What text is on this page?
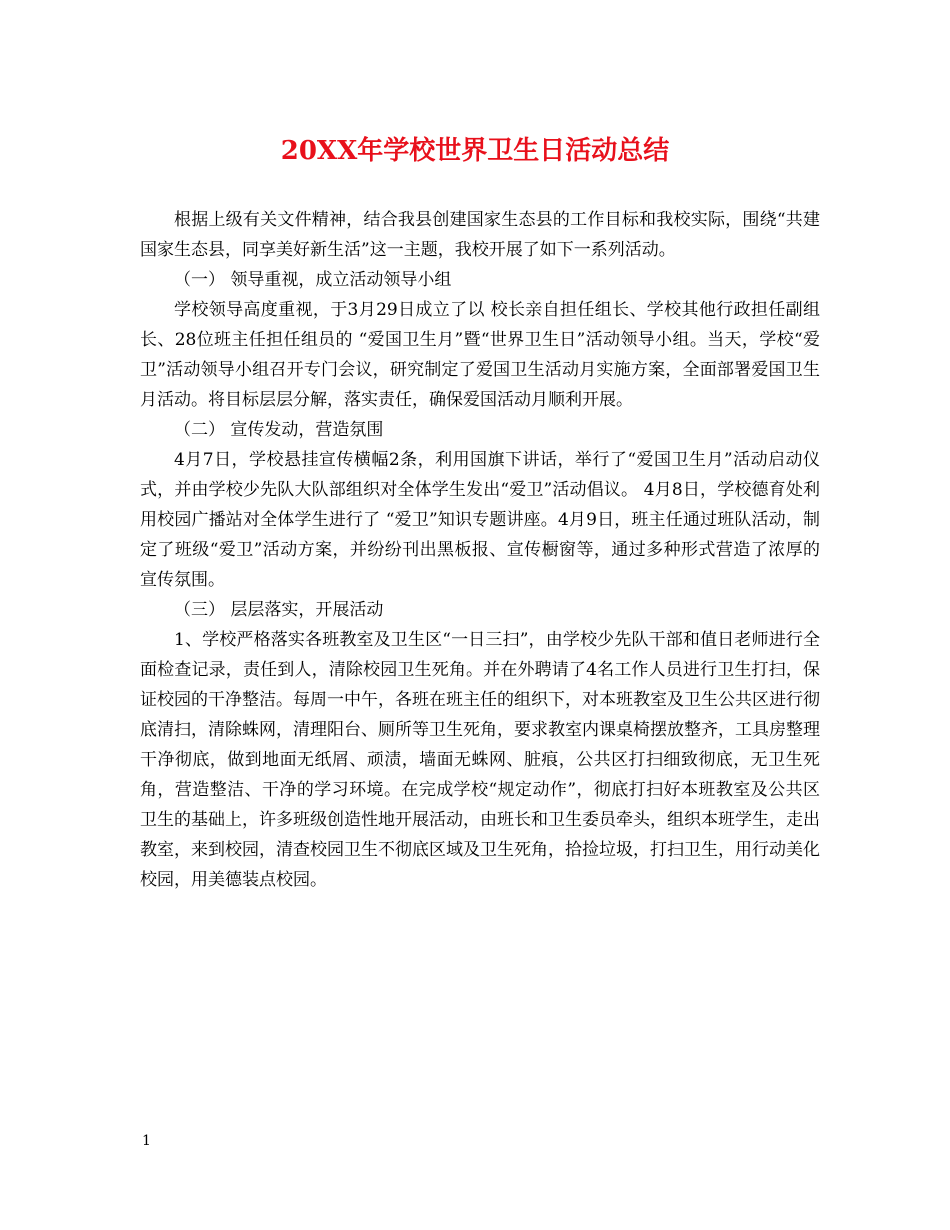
20XX年学校世界卫生日活动总结

根据上级有关文件精神，结合我县创建国家生态县的工作目标和我校实际，围绕“共建国家生态县，同享美好新生活”这一主题，我校开展了如下一系列活动。

（一） 领导重视，成立活动领导小组

学校领导高度重视，于3月29日成立了以 校长亲自担任组长、学校其他行政担任副组长、28位班主任担任组员的 “爱国卫生月”暨“世界卫生日”活动领导小组。当天，学校“爱卫”活动领导小组召开专门会议，研究制定了爱国卫生活动月实施方案，全面部署爱国卫生月活动。将目标层层分解，落实责任，确保爱国活动月顺利开展。

（二） 宣传发动，营造氛围

4月7日，学校悬挂宣传横幅2条，利用国旗下讲话，举行了“爱国卫生月”活动启动仪式，并由学校少先队大队部组织对全体学生发出“爱卫”活动倡议。 4月8日，学校德育处利用校园广播站对全体学生进行了 “爱卫”知识专题讲座。4月9日，班主任通过班队活动，制定了班级“爱卫”活动方案，并纷纷刊出黑板报、宣传橱窗等，通过多种形式营造了浓厚的宣传氛围。

（三） 层层落实，开展活动

1、学校严格落实各班教室及卫生区“一日三扫”，由学校少先队干部和值日老师进行全面检查记录，责任到人，清除校园卫生死角。并在外聘请了4名工作人员进行卫生打扫，保证校园的干净整洁。每周一中午，各班在班主任的组织下，对本班教室及卫生公共区进行彻底清扫，清除蛛网，清理阳台、厕所等卫生死角，要求教室内课桌椅摆放整齐，工具房整理干净彻底，做到地面无纸屑、顽渍，墙面无蛛网、脏痕，公共区打扫细致彻底，无卫生死角，营造整洁、干净的学习环境。在完成学校“规定动作”，彻底打扫好本班教室及公共区卫生的基础上，许多班级创造性地开展活动，由班长和卫生委员牵头，组织本班学生，走出教室，来到校园，清查校园卫生不彻底区域及卫生死角，拾捡垃圾，打扫卫生，用行动美化校园，用美德装点校园。

1
